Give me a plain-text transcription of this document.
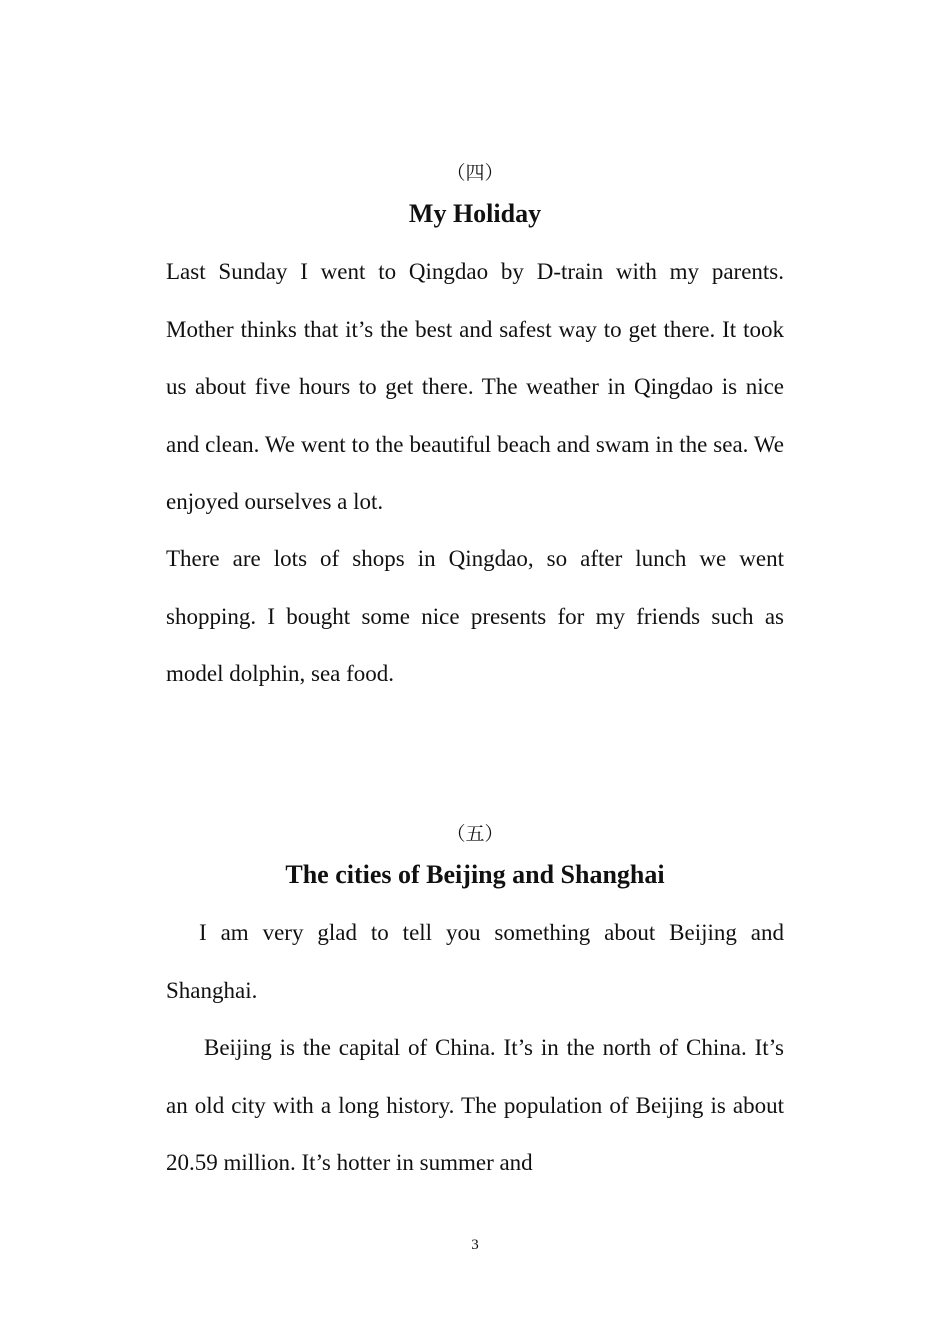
（四）
My Holiday

Last Sunday I went to Qingdao by D-train with my parents. Mother thinks that it’s the best and safest way to get there. It took us about five hours to get there. The weather in Qingdao is nice and clean. We went to the beautiful beach and swam in the sea. We enjoyed ourselves a lot.

There are lots of shops in Qingdao, so after lunch we went shopping. I bought some nice presents for my friends such as model dolphin, sea food.

（五）
The cities of Beijing and Shanghai

I am very glad to tell you something about Beijing and Shanghai.

Beijing is the capital of China. It’s in the north of China. It’s an old city with a long history. The population of Beijing is about 20.59 million. It’s hotter in summer and

3
